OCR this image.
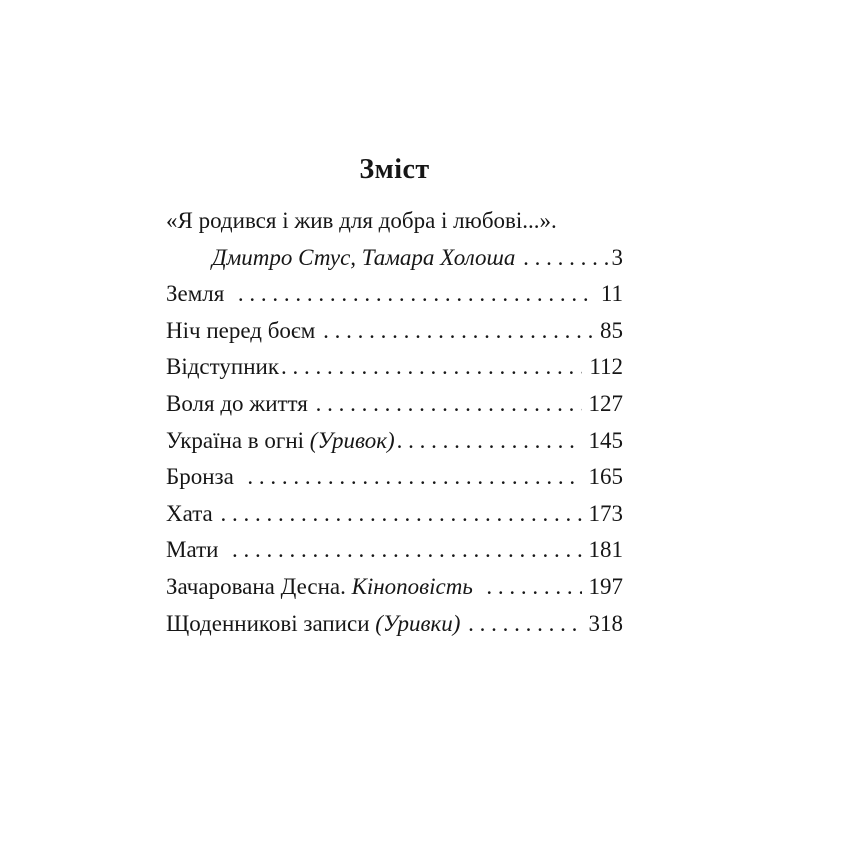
Зміст
«Я родився і жив для добра і любові...».
Дмитро Стус, Тамара Холоша . . .	3
Земля . . .	11
Ніч перед боєм . . .	85
Відступник . . .	112
Воля до життя . . .	127
Україна в огні (Уривок) . . .	145
Бронза . . .	165
Хата . . .	173
Мати . . .	181
Зачарована Десна. Кіноповість . . .	197
Щоденникові записи (Уривки) . . .	318
